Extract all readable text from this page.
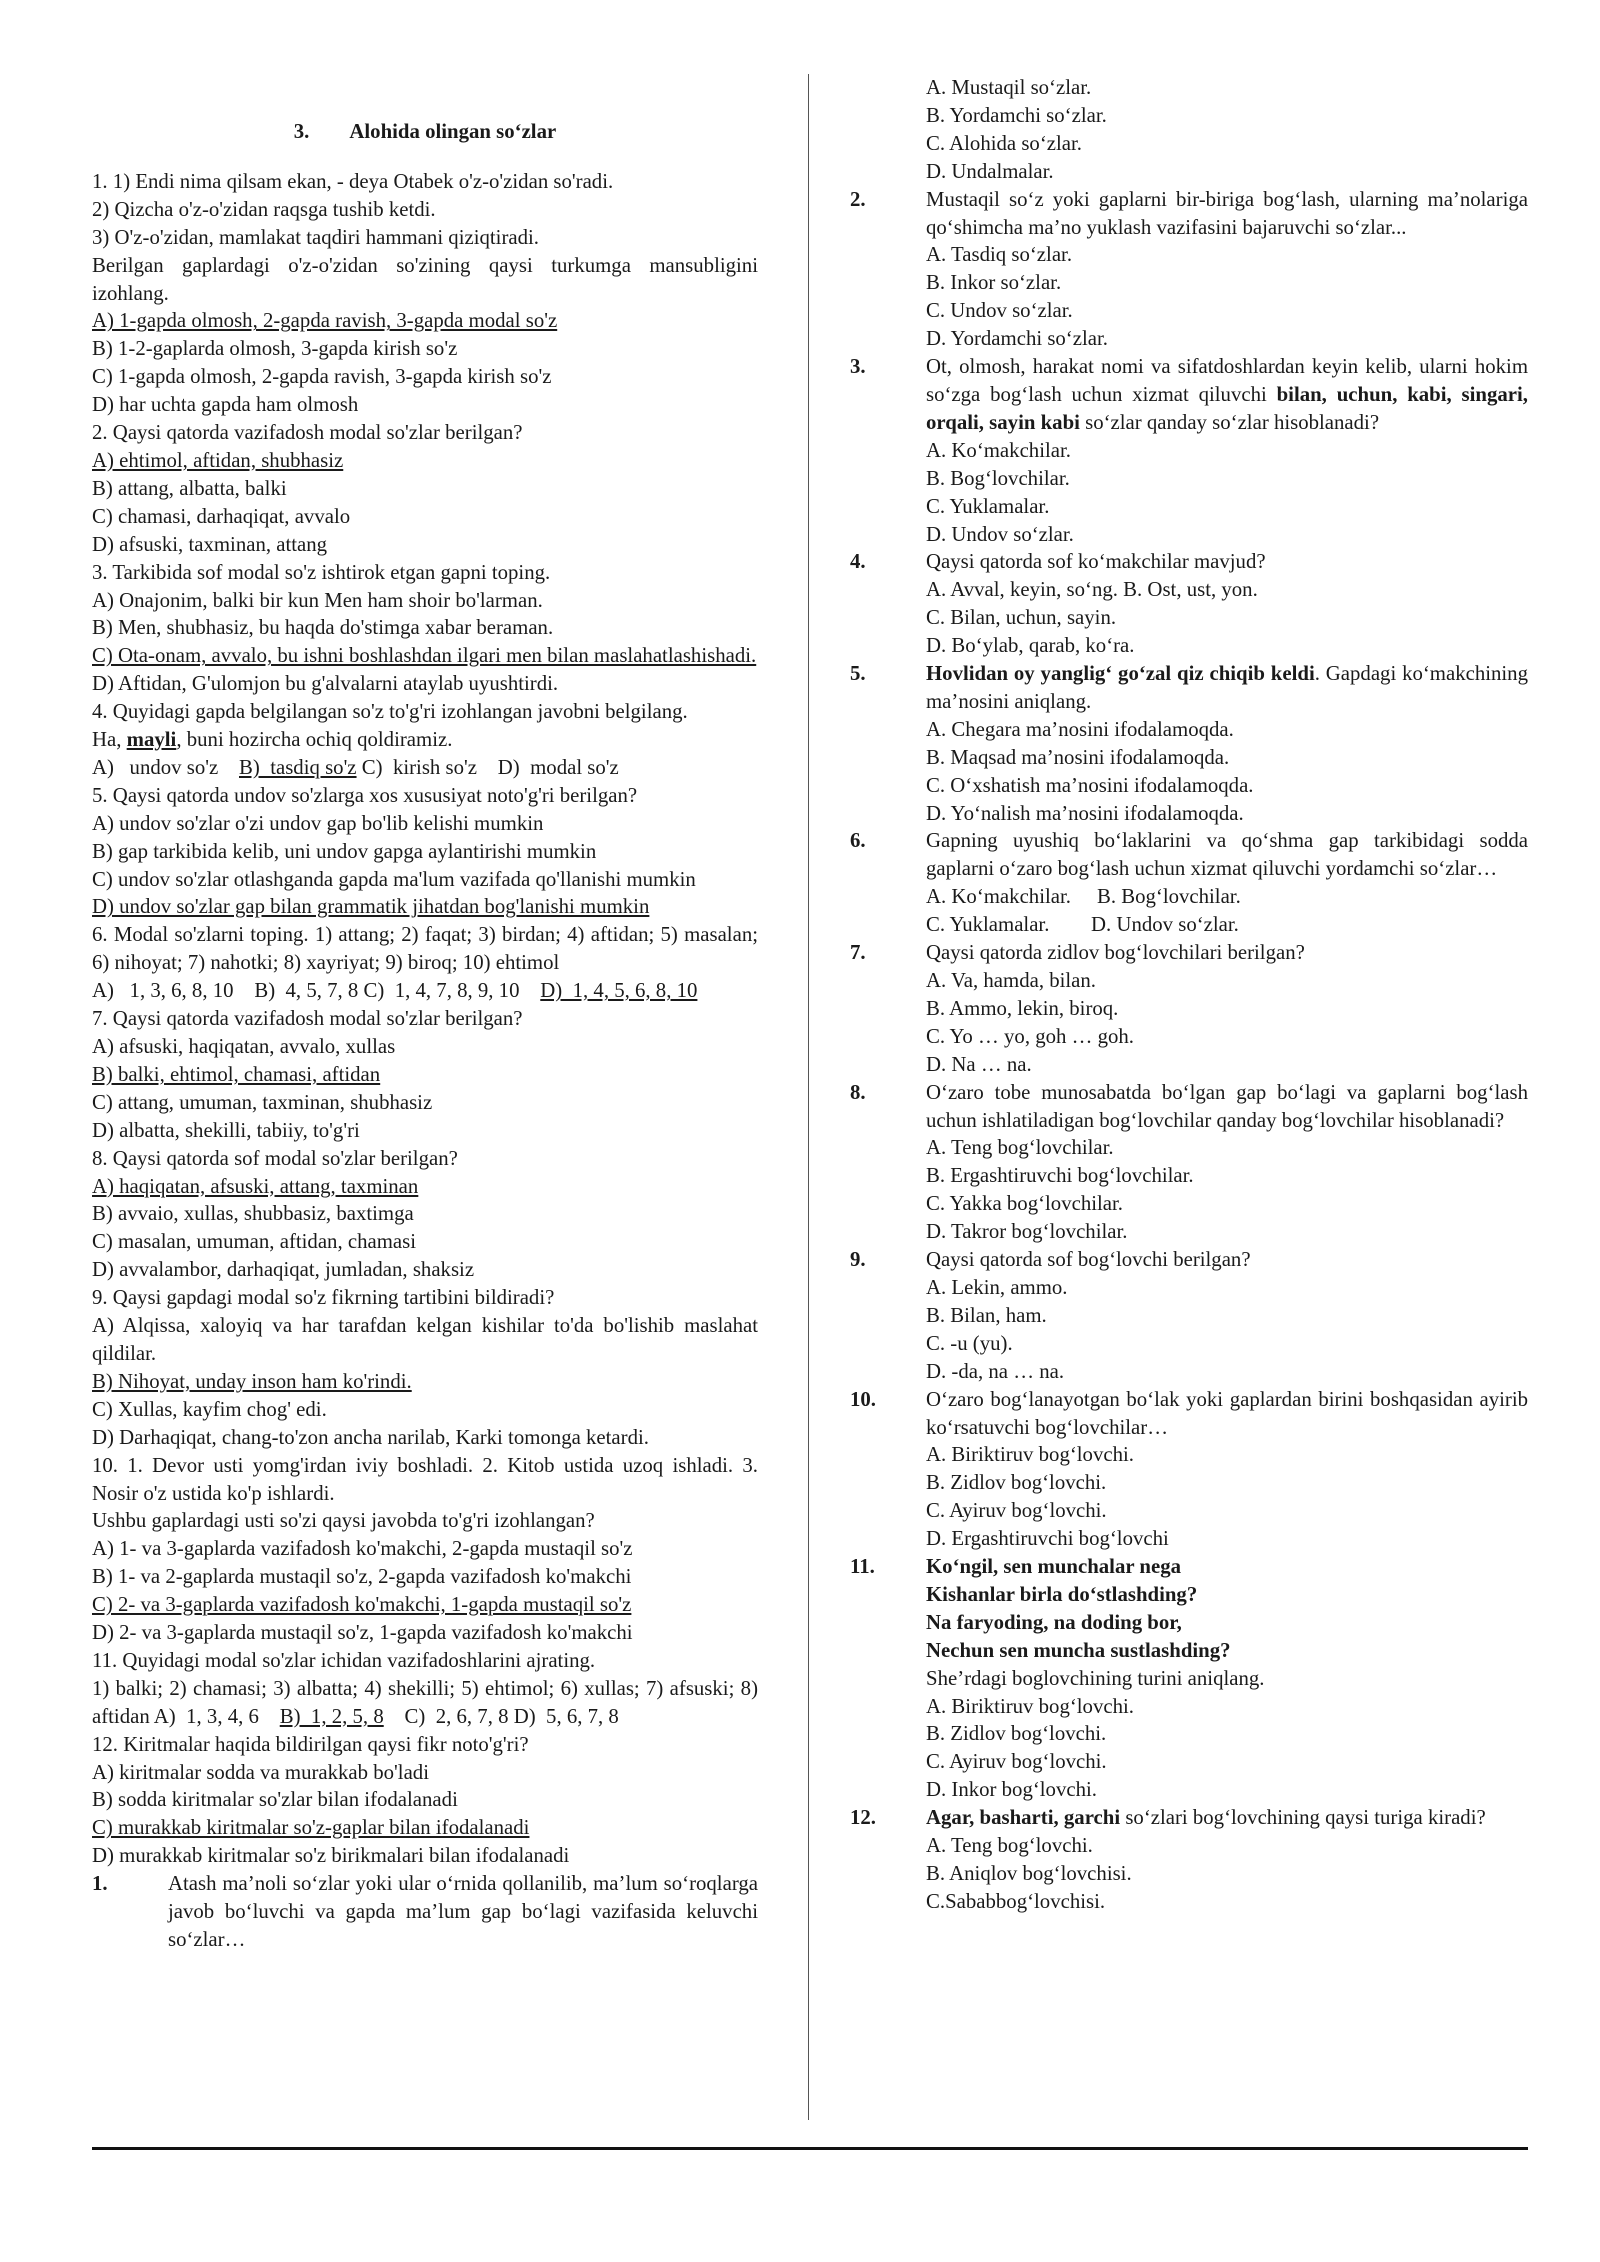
3. Alohida olingan so‘zlar
1. 1) Endi nima qilsam ekan, - deya Otabek o'z-o'zidan so'radi.
2) Qizcha o'z-o'zidan raqsga tushib ketdi.
3) O'z-o'zidan, mamlakat taqdiri hammani qiziqtiradi.
Berilgan gaplardagi o'z-o'zidan so'zining qaysi turkumga mansubligini izohlang.
A) 1-gapda olmosh, 2-gapda ravish, 3-gapda modal so'z
B) 1-2-gaplarda olmosh, 3-gapda kirish so'z
C) 1-gapda olmosh, 2-gapda ravish, 3-gapda kirish so'z
D) har uchta gapda ham olmosh
2. Qaysi qatorda vazifadosh modal so'zlar berilgan?
A) ehtimol, aftidan, shubhasiz
B) attang, albatta, balki
C) chamasi, darhaqiqat, avvalo
D) afsuski, taxminan, attang
3. Tarkibida sof modal so'z ishtirok etgan gapni toping.
A) Onajonim, balki bir kun Men ham shoir bo'larman.
B) Men, shubhasiz, bu haqda do'stimga xabar beraman.
C) Ota-onam, avvalo, bu ishni boshlashdan ilgari men bilan maslahatlashishadi.
D) Aftidan, G'ulomjon bu g'alvalarni ataylab uyushtirdi.
4. Quyidagi gapda belgilangan so'z to'g'ri izohlangan javobni belgilang.
Ha, mayli, buni hozircha ochiq qoldiramiz.
A)   undov so'z    B)  tasdiq so'z C)  kirish so'z    D)  modal so'z
5. Qaysi qatorda undov so'zlarga xos xususiyat noto'g'ri berilgan?
A) undov so'zlar o'zi undov gap bo'lib kelishi mumkin
B) gap tarkibida kelib, uni undov gapga aylantirishi mumkin
C) undov so'zlar otlashganda gapda ma'lum vazifada qo'llanishi mumkin
D) undov so'zlar gap bilan grammatik jihatdan bog'lanishi mumkin
6. Modal so'zlarni toping. 1) attang; 2) faqat; 3) birdan; 4) aftidan; 5) masalan; 6) nihoyat; 7) nahotki; 8) xayriyat; 9) biroq; 10) ehtimol
A)   1, 3, 6, 8, 10    B)  4, 5, 7, 8 C)  1, 4, 7, 8, 9, 10    D)  1, 4, 5, 6, 8, 10
7. Qaysi qatorda vazifadosh modal so'zlar berilgan?
A) afsuski, haqiqatan, avvalo, xullas
B) balki, ehtimol, chamasi, aftidan
C) attang, umuman, taxminan, shubhasiz
D) albatta, shekilli, tabiiy, to'g'ri
8. Qaysi qatorda sof modal so'zlar berilgan?
A) haqiqatan, afsuski, attang, taxminan
B) avvaio, xullas, shubbasiz, baxtimga
C) masalan, umuman, aftidan, chamasi
D) avvalambor, darhaqiqat, jumladan, shaksiz
9. Qaysi gapdagi modal so'z fikrning tartibini bildiradi?
A) Alqissa, xaloyiq va har tarafdan kelgan kishilar to'da bo'lishib maslahat qildilar.
B) Nihoyat, unday inson ham ko'rindi.
C) Xullas, kayfim chog' edi.
D) Darhaqiqat, chang-to'zon ancha narilab, Karki tomonga ketardi.
10. 1. Devor usti yomg'irdan iviy boshladi. 2. Kitob ustida uzoq ishladi. 3. Nosir o'z ustida ko'p ishlardi.
Ushbu gaplardagi usti so'zi qaysi javobda to'g'ri izohlangan?
A) 1- va 3-gaplarda vazifadosh ko'makchi, 2-gapda mustaqil so'z
B) 1- va 2-gaplarda mustaqil so'z, 2-gapda vazifadosh ko'makchi
C) 2- va 3-gaplarda vazifadosh ko'makchi, 1-gapda mustaqil so'z
D) 2- va 3-gaplarda mustaqil so'z, 1-gapda vazifadosh ko'makchi
11. Quyidagi modal so'zlar ichidan vazifadoshlarini ajrating.
1) balki; 2) chamasi; 3) albatta; 4) shekilli; 5) ehtimol; 6) xullas; 7) afsuski; 8) aftidan A)  1, 3, 4, 6    B)  1, 2, 5, 8    C)  2, 6, 7, 8 D)  5, 6, 7, 8
12. Kiritmalar haqida bildirilgan qaysi fikr noto'g'ri?
A) kiritmalar sodda va murakkab bo'ladi
B) sodda kiritmalar so'zlar bilan ifodalanadi
C) murakkab kiritmalar so'z-gaplar bilan ifodalanadi
D) murakkab kiritmalar so'z birikmalari bilan ifodalanadi
1.	Atash ma’noli so‘zlar yoki ular o‘rnida qollanilib, ma’lum so‘roqlarga javob bo‘luvchi va gapda ma’lum gap bo‘lagi vazifasida keluvchi so‘zlar…
A. Mustaqil so‘zlar.
B. Yordamchi so‘zlar.
C. Alohida so‘zlar.
D. Undalmalar.
2.	Mustaqil so‘z yoki gaplarni bir-biriga bog‘lash, ularning ma’nolariga qo‘shimcha ma’no yuklash vazifasini bajaruvchi so‘zlar...
A. Tasdiq so‘zlar.
B. Inkor so‘zlar.
C. Undov so‘zlar.
D. Yordamchi so‘zlar.
3.	Ot, olmosh, harakat nomi va sifatdoshlardan keyin kelib, ularni hokim so‘zga bog‘lash uchun xizmat qiluvchi bilan, uchun, kabi, singari, orqali, sayin kabi so‘zlar qanday so‘zlar hisoblanadi?
A. Ko‘makchilar.
B. Bog‘lovchilar.
C. Yuklamalar.
D. Undov so‘zlar.
4.	Qaysi qatorda sof ko‘makchilar mavjud?
A. Avval, keyin, so‘ng. B. Ost, ust, yon.
C. Bilan, uchun, sayin.
D. Bo‘ylab, qarab, ko‘ra.
5.	Hovlidan oy yanglig‘ go‘zal qiz chiqib keldi. Gapdagi ko‘makchining ma’nosini aniqlang.
A. Chegara ma’nosini ifodalamoqda.
B. Maqsad ma’nosini ifodalamoqda.
C. O‘xshatish ma’nosini ifodalamoqda.
D. Yo‘nalish ma’nosini ifodalamoqda.
6.	Gapning uyushiq bo‘laklarini va qo‘shma gap tarkibidagi sodda gaplarni o‘zaro bog‘lash uchun xizmat qiluvchi yordamchi so‘zlar…
A. Ko‘makchilar.     B. Bog‘lovchilar.
C. Yuklamalar.        D. Undov so‘zlar.
7.	Qaysi qatorda zidlov bog‘lovchilari berilgan?
A. Va, hamda, bilan.
B. Ammo, lekin, biroq.
C. Yo … yo, goh … goh.
D. Na … na.
8.	O‘zaro tobe munosabatda bo‘lgan gap bo‘lagi va gaplarni bog‘lash uchun ishlatiladigan bog‘lovchilar qanday bog‘lovchilar hisoblanadi?
A. Teng bog‘lovchilar.
B. Ergashtiruvchi bog‘lovchilar.
C. Yakka bog‘lovchilar.
D. Takror bog‘lovchilar.
9.	Qaysi qatorda sof bog‘lovchi berilgan?
A. Lekin, ammo.
B. Bilan, ham.
C. -u (yu).
D. -da, na … na.
10.	O‘zaro bog‘lanayotgan bo‘lak yoki gaplardan birini boshqasidan ayirib ko‘rsatuvchi bog‘lovchilar…
A. Biriktiruv bog‘lovchi.
B. Zidlov bog‘lovchi.
C. Ayiruv bog‘lovchi.
D. Ergashtiruvchi bog‘lovchi
11.	Ko‘ngil, sen munchalar nega
Kishanlar birla do‘stlashding?
Na faryoding, na doding bor,
Nechun sen muncha sustlashding?
She’rdagi boglovchining turini aniqlang.
A. Biriktiruv bog‘lovchi.
B. Zidlov bog‘lovchi.
C. Ayiruv bog‘lovchi.
D. Inkor bog‘lovchi.
12.	Agar, basharti, garchi so‘zlari bog‘lovchining qaysi turiga kiradi?
A. Teng bog‘lovchi.
B. Aniqlov bog‘lovchisi.
C.Sababbog‘lovchisi.
